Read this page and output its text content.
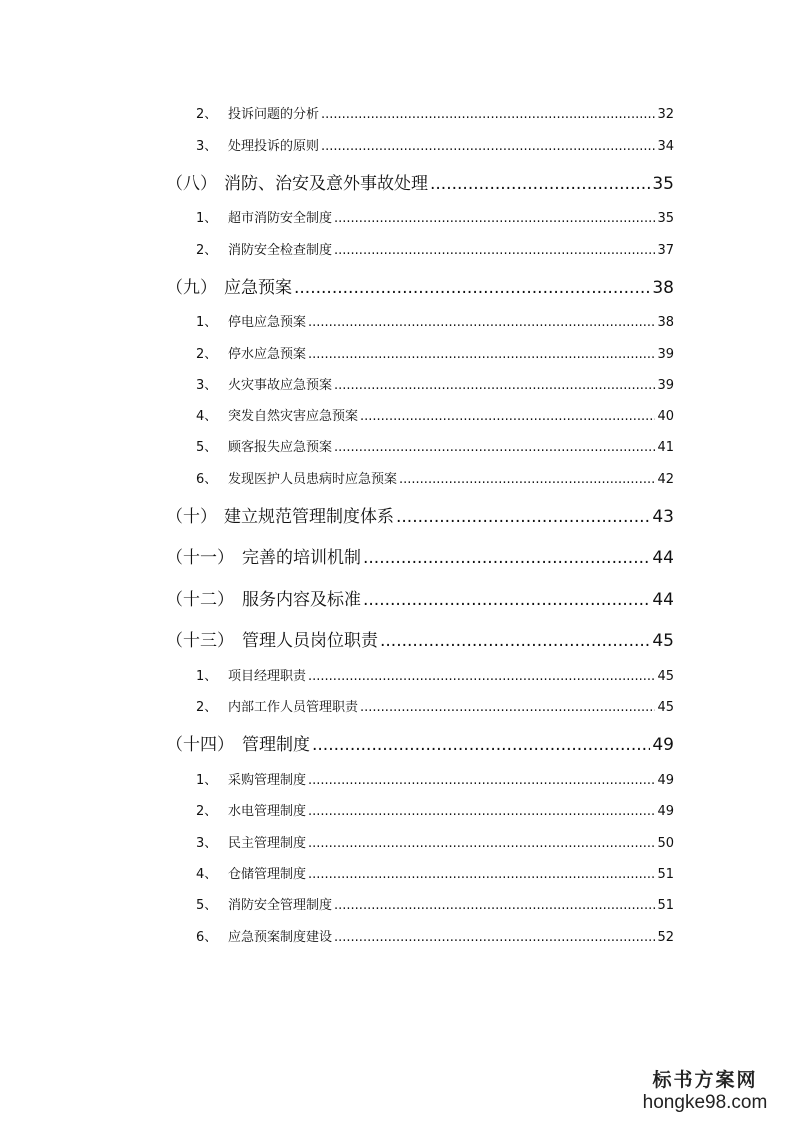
2、 投诉问题的分析 .....	32
3、 处理投诉的原则 .....	34
（八） 消防、治安及意外事故处理 .....	35
1、 超市消防安全制度 .....	35
2、 消防安全检查制度 .....	37
（九） 应急预案 .....	38
1、 停电应急预案 .....	38
2、 停水应急预案 .....	39
3、 火灾事故应急预案 .....	39
4、 突发自然灾害应急预案 .....	40
5、 顾客报失应急预案 .....	41
6、 发现医护人员患病时应急预案 .....	42
（十） 建立规范管理制度体系 .....	43
（十一） 完善的培训机制 .....	44
（十二） 服务内容及标准 .....	44
（十三） 管理人员岗位职责 .....	45
1、 项目经理职责 .....	45
2、 内部工作人员管理职责 .....	45
（十四） 管理制度 .....	49
1、 采购管理制度 .....	49
2、 水电管理制度 .....	49
3、 民主管理制度 .....	50
4、 仓储管理制度 .....	51
5、 消防安全管理制度 .....	51
6、 应急预案制度建设 .....	52
标书方案网
hongke98.com
